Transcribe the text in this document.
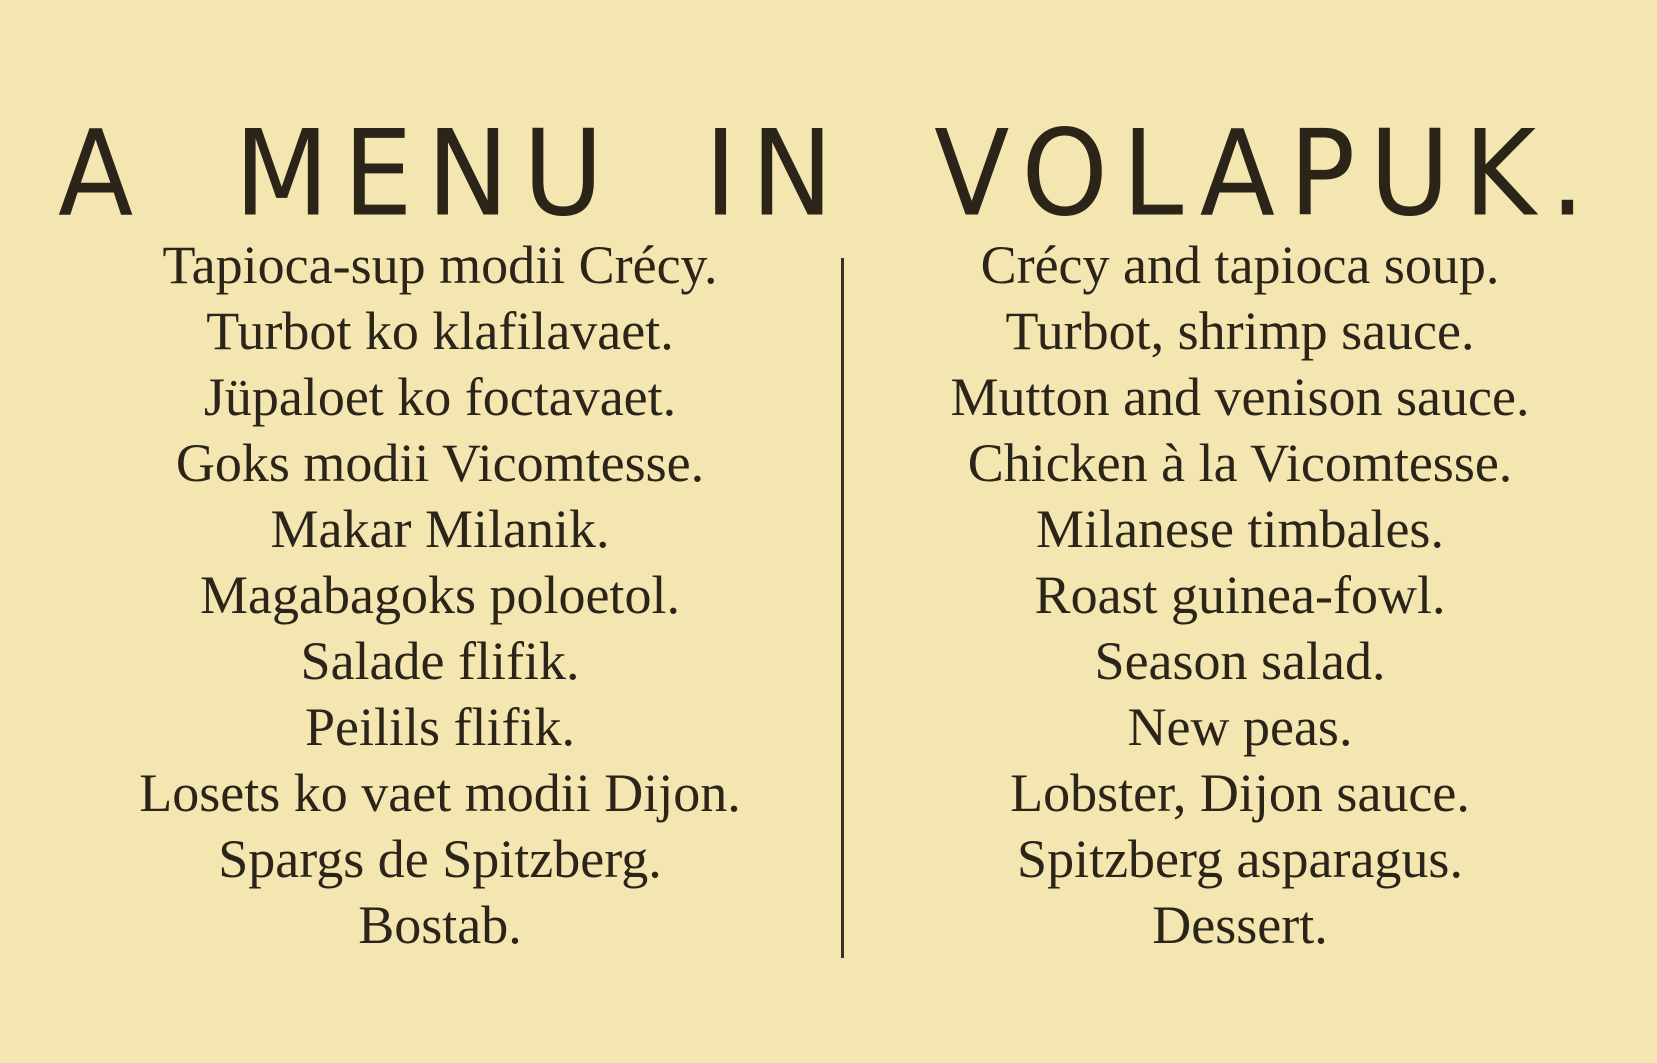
A MENU IN VOLAPUK.
Tapioca-sup modii Crécy.
Turbot ko klafilavaet.
Jüpaloet ko foctavaet.
Goks modii Vicomtesse.
Makar Milanik.
Magabagoks poloetol.
Salade flifik.
Peilils flifik.
Losets ko vaet modii Dijon.
Spargs de Spitzberg.
Bostab.
Crécy and tapioca soup.
Turbot, shrimp sauce.
Mutton and venison sauce.
Chicken à la Vicomtesse.
Milanese timbales.
Roast guinea-fowl.
Season salad.
New peas.
Lobster, Dijon sauce.
Spitzberg asparagus.
Dessert.
